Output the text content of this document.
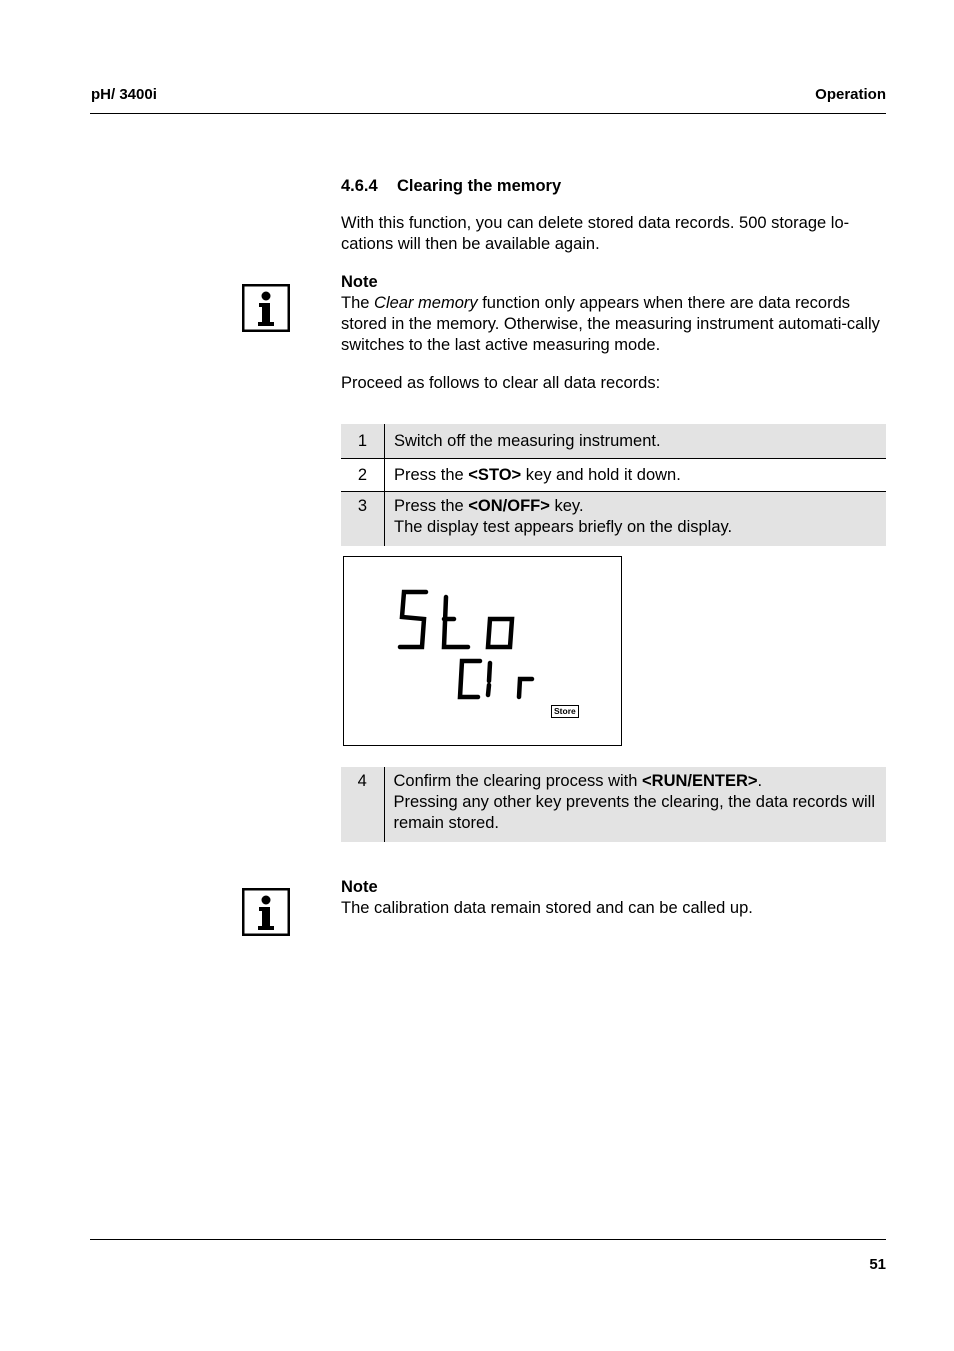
pH/ 3400i	Operation
4.6.4 Clearing the memory
With this function, you can delete stored data records. 500 storage lo-
cations will then be available again.
Note
The Clear memory function only appears when there are data records stored in the memory. Otherwise, the measuring instrument automati-cally switches to the last active measuring mode.
Proceed as follows to clear all data records:
1	Switch off the measuring instrument.
2	Press the <STO> key and hold it down.
3	Press the <ON/OFF> key.
The display test appears briefly on the display.
Store
4	Confirm the clearing process with <RUN/ENTER>.
Pressing any other key prevents the clearing, the data records will remain stored.
Note
The calibration data remain stored and can be called up.
51
